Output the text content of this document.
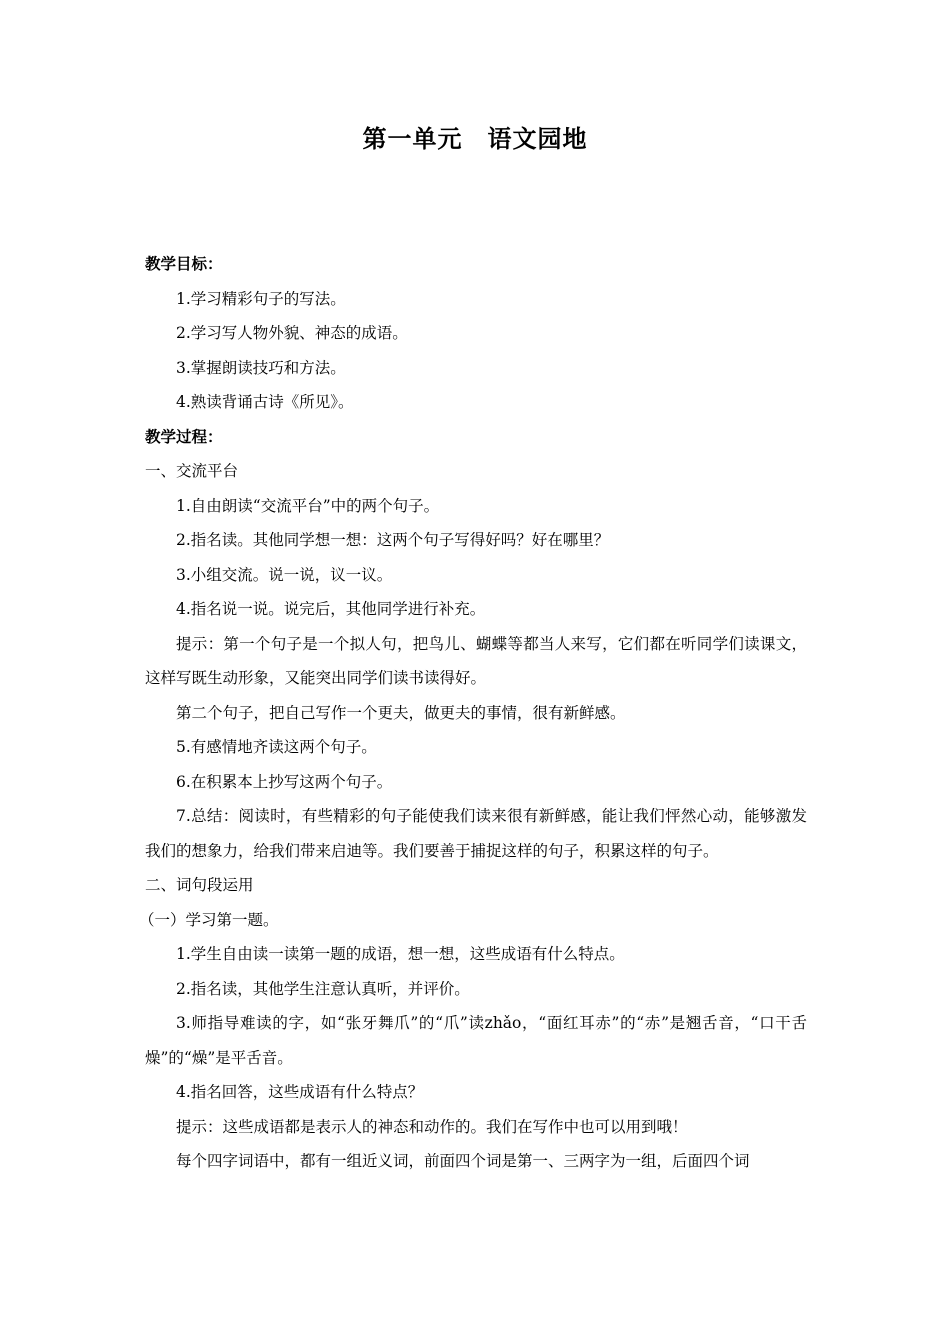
第一单元　语文园地

教学目标：

1.学习精彩句子的写法。

2.学习写人物外貌、神态的成语。

3.掌握朗读技巧和方法。

4.熟读背诵古诗《所见》。

教学过程：

一、交流平台

1.自由朗读“交流平台”中的两个句子。

2.指名读。其他同学想一想：这两个句子写得好吗？好在哪里？

3.小组交流。说一说，议一议。

4.指名说一说。说完后，其他同学进行补充。

提示：第一个句子是一个拟人句，把鸟儿、蝴蝶等都当人来写，它们都在听同学们读课文，这样写既生动形象，又能突出同学们读书读得好。

第二个句子，把自己写作一个更夫，做更夫的事情，很有新鲜感。

5.有感情地齐读这两个句子。

6.在积累本上抄写这两个句子。

7.总结：阅读时，有些精彩的句子能使我们读来很有新鲜感，能让我们怦然心动，能够激发我们的想象力，给我们带来启迪等。我们要善于捕捉这样的句子，积累这样的句子。

二、词句段运用

（一）学习第一题。

1.学生自由读一读第一题的成语，想一想，这些成语有什么特点。

2.指名读，其他学生注意认真听，并评价。

3.师指导难读的字，如“张牙舞爪”的“爪”读zhǎo，“面红耳赤”的“赤”是翘舌音，“口干舌燥”的“燥”是平舌音。

4.指名回答，这些成语有什么特点？

提示：这些成语都是表示人的神态和动作的。我们在写作中也可以用到哦！

每个四字词语中，都有一组近义词，前面四个词是第一、三两字为一组，后面四个词
